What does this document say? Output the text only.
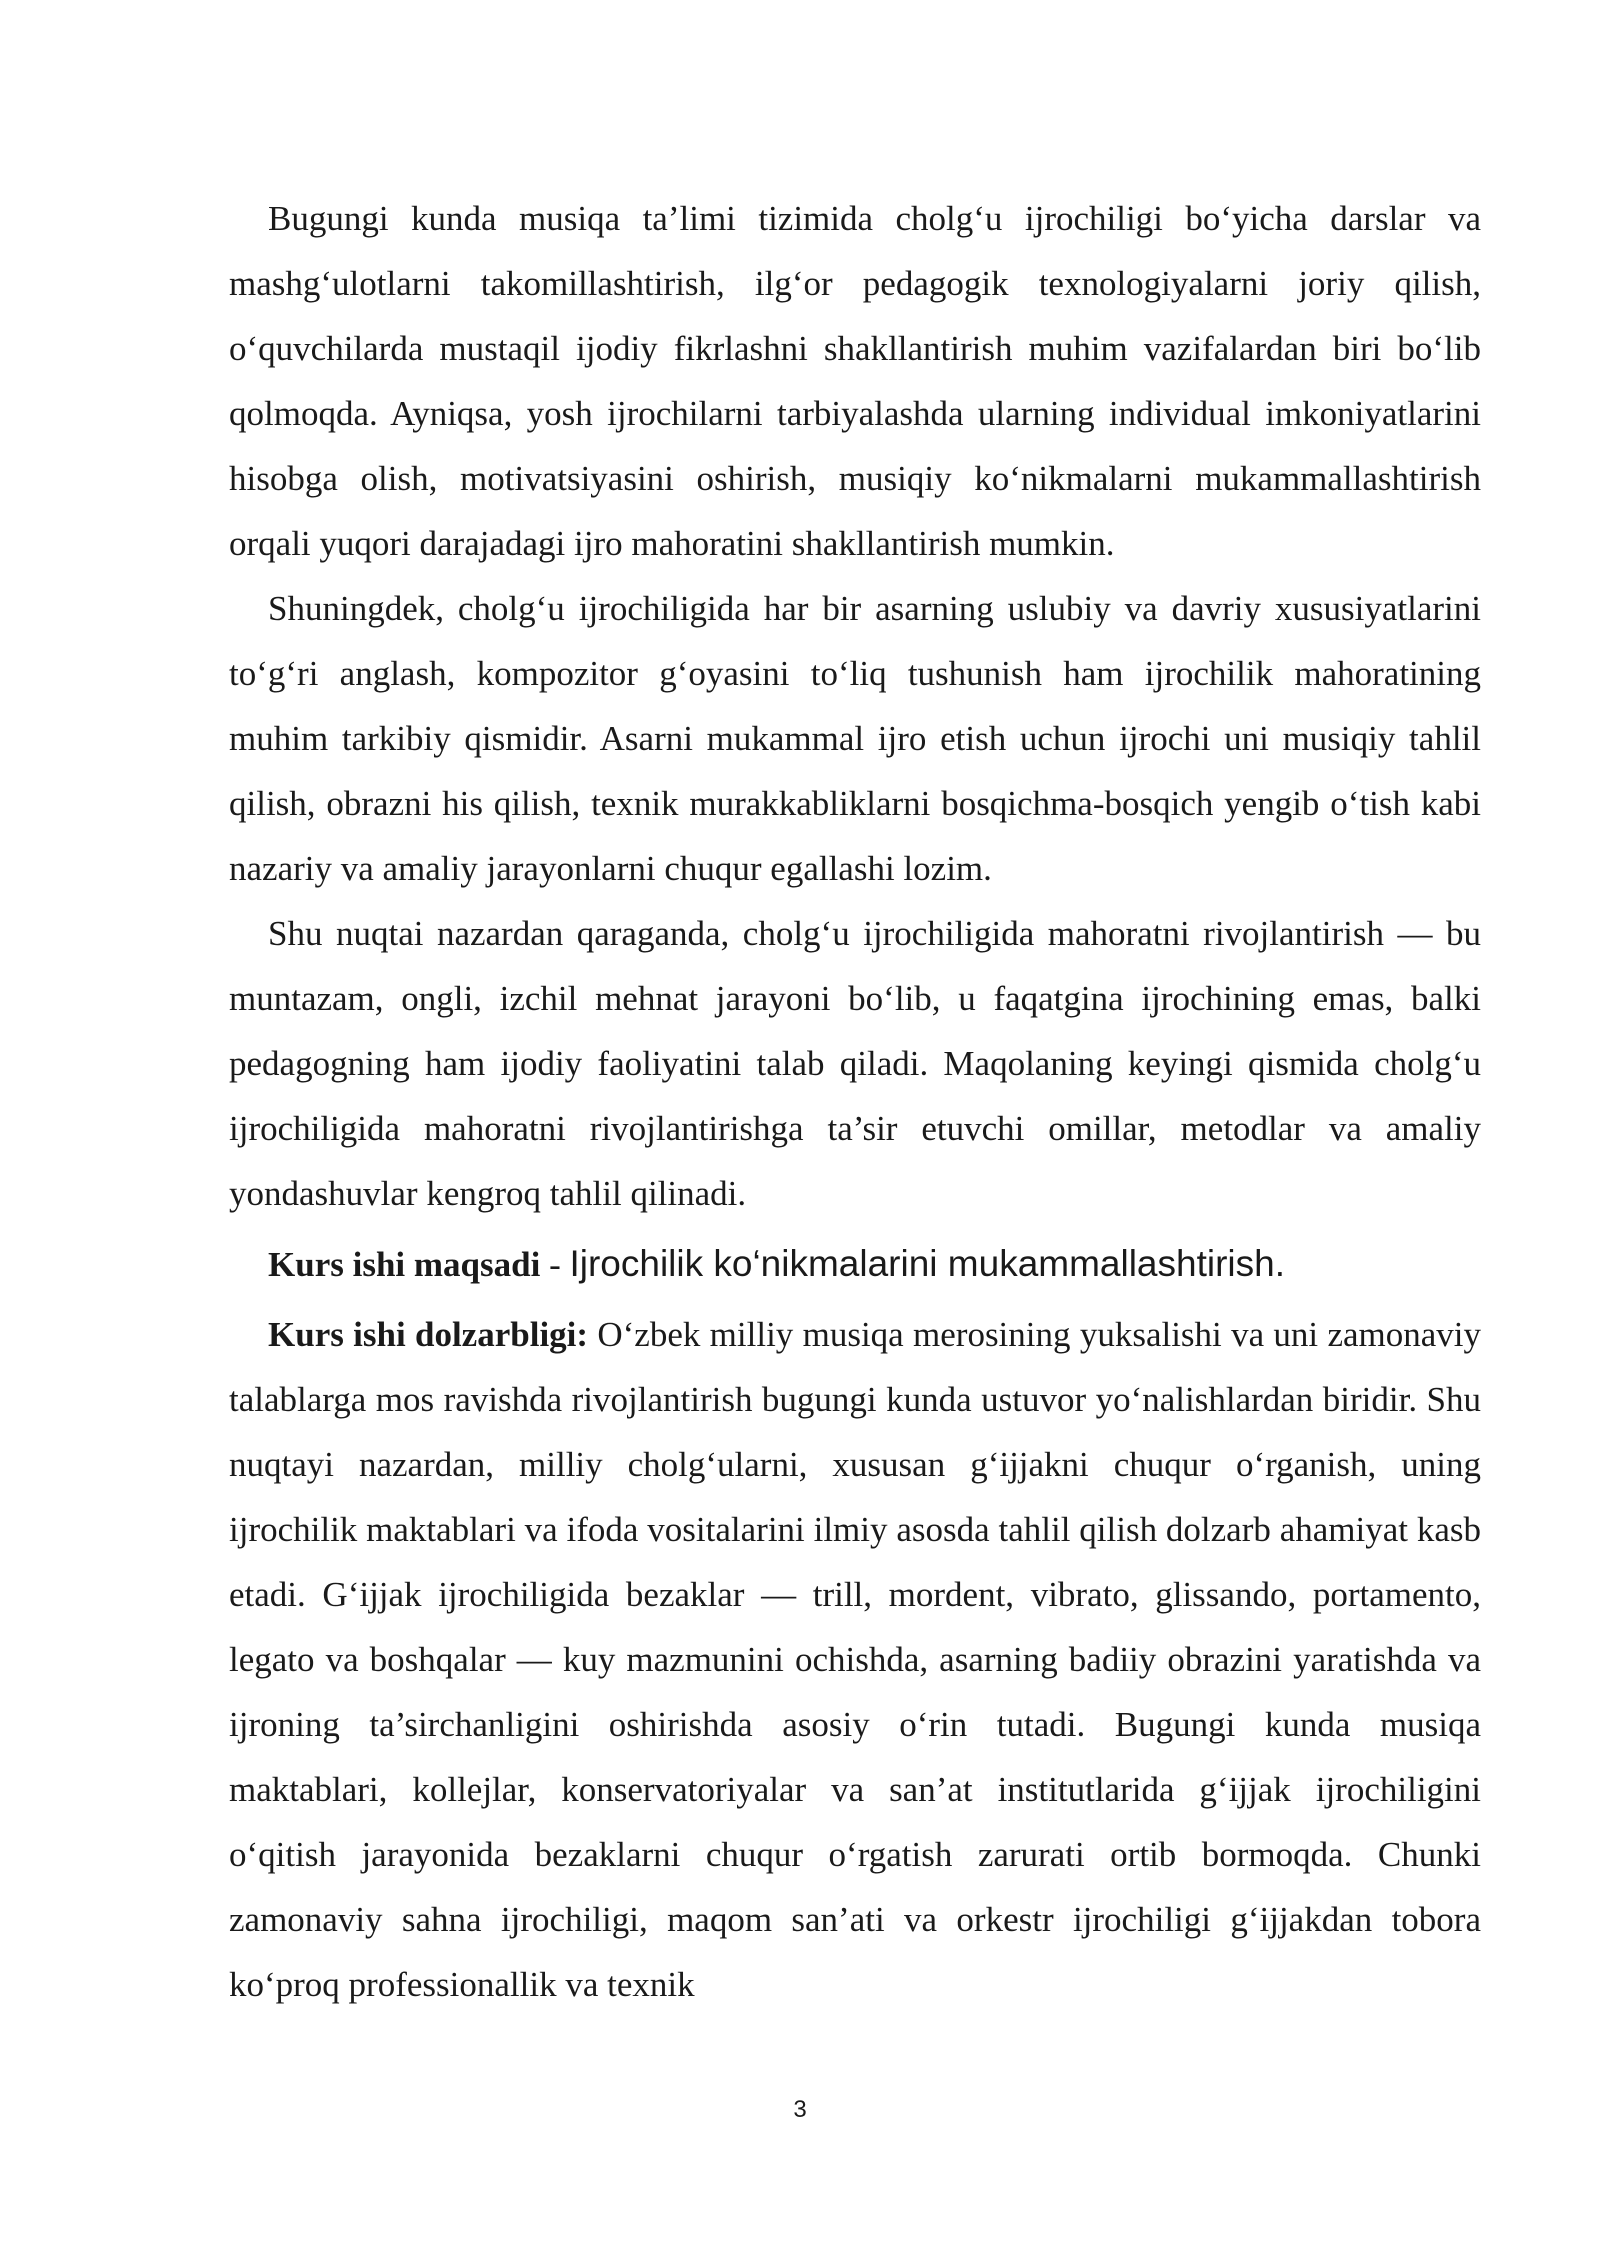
Bugungi kunda musiqa ta’limi tizimida cholg‘u ijrochiligi bo‘yicha darslar va mashg‘ulotlarni takomillashtirish, ilg‘or pedagogik texnologiyalarni joriy qilish, o‘quvchilarda mustaqil ijodiy fikrlashni shakllantirish muhim vazifalardan biri bo‘lib qolmoqda. Ayniqsa, yosh ijrochilarni tarbiyalashda ularning individual imkoniyatlarini hisobga olish, motivatsiyasini oshirish, musiqiy ko‘nikmalarni mukammallashtirish orqali yuqori darajadagi ijro mahoratini shakllantirish mumkin.

Shuningdek, cholg‘u ijrochiligida har bir asarning uslubiy va davriy xususiyatlarini to‘g‘ri anglash, kompozitor g‘oyasini to‘liq tushunish ham ijrochilik mahoratining muhim tarkibiy qismidir. Asarni mukammal ijro etish uchun ijrochi uni musiqiy tahlil qilish, obrazni his qilish, texnik murakkabliklarni bosqichma-bosqich yengib o‘tish kabi nazariy va amaliy jarayonlarni chuqur egallashi lozim.

Shu nuqtai nazardan qaraganda, cholg‘u ijrochiligida mahoratni rivojlantirish — bu muntazam, ongli, izchil mehnat jarayoni bo‘lib, u faqatgina ijrochining emas, balki pedagogning ham ijodiy faoliyatini talab qiladi. Maqolaning keyingi qismida cholg‘u ijrochiligida mahoratni rivojlantirishga ta’sir etuvchi omillar, metodlar va amaliy yondashuvlar kengroq tahlil qilinadi.

Kurs ishi maqsadi - Ijrochilik ko‘nikmalarini mukammallashtirish.

Kurs ishi dolzarbligi: O‘zbek milliy musiqa merosining yuksalishi va uni zamonaviy talablarga mos ravishda rivojlantirish bugungi kunda ustuvor yo‘nalishlardan biridir. Shu nuqtayi nazardan, milliy cholg‘ularni, xususan g‘ijjakni chuqur o‘rganish, uning ijrochilik maktablari va ifoda vositalarini ilmiy asosda tahlil qilish dolzarb ahamiyat kasb etadi. G‘ijjak ijrochiligida bezaklar — trill, mordent, vibrato, glissando, portamento, legato va boshqalar — kuy mazmunini ochishda, asarning badiiy obrazini yaratishda va ijroning ta’sirchanligini oshirishda asosiy o‘rin tutadi. Bugungi kunda musiqa maktablari, kollejlar, konservatoriyalar va san’at institutlarida g‘ijjak ijrochiligini o‘qitish jarayonida bezaklarni chuqur o‘rgatish zarurati ortib bormoqda. Chunki zamonaviy sahna ijrochiligi, maqom san’ati va orkestr ijrochiligi g‘ijjakdan tobora ko‘proq professionallik va texnik

3
